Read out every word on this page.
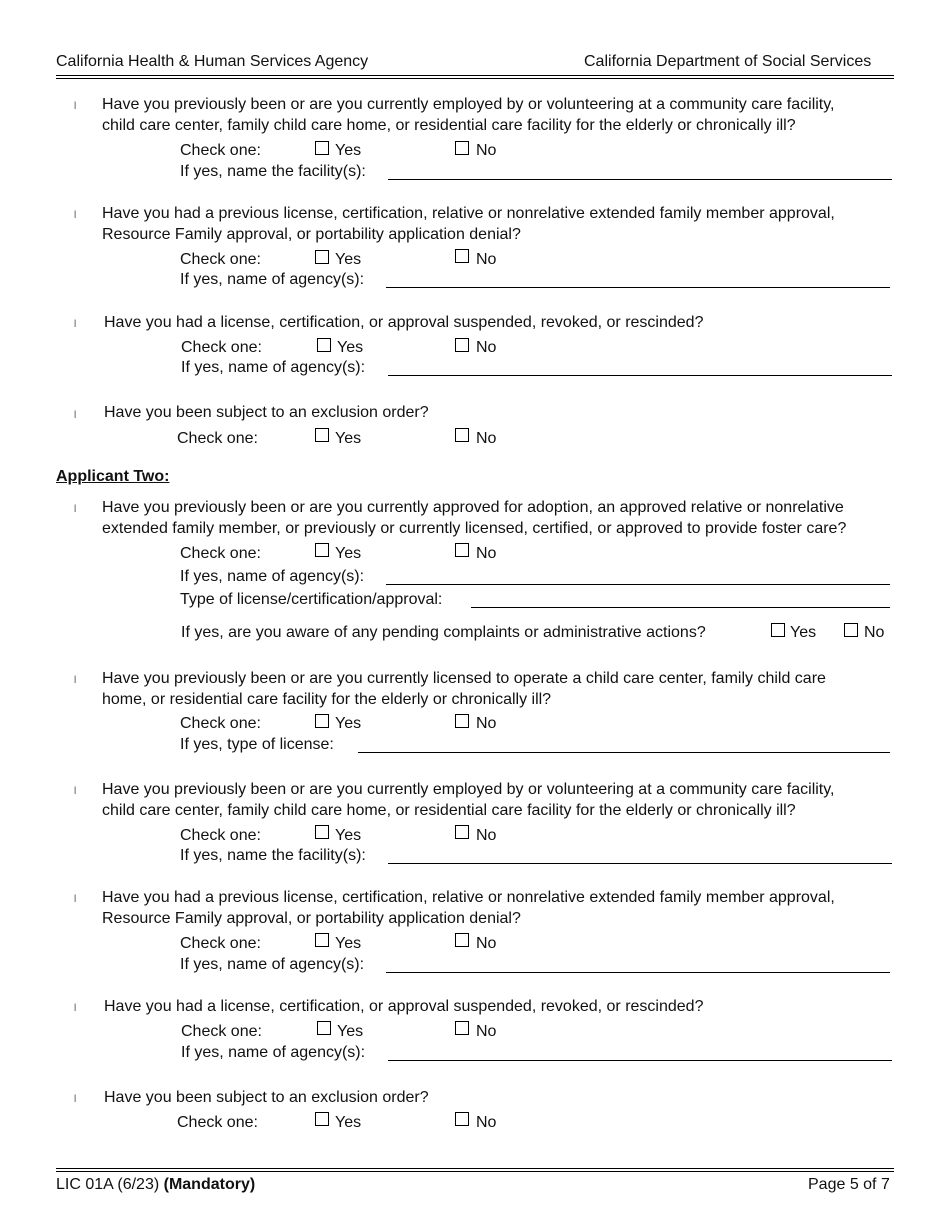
California Health & Human Services Agency	California Department of Social Services
l Have you previously been or are you currently employed by or volunteering at a community care facility,
child care center, family child care home, or residential care facility for the elderly or chronically ill?
Check one:	Yes	No
If yes, name the facility(s):
l Have you had a previous license, certification, relative or nonrelative extended family member approval,
Resource Family approval, or portability application denial?
Check one:	Yes	No
If yes, name of agency(s):
l Have you had a license, certification, or approval suspended, revoked, or rescinded?
Check one:	Yes	No
If yes, name of agency(s):
l Have you been subject to an exclusion order?
Check one:	Yes	No
Applicant Two:
l Have you previously been or are you currently approved for adoption, an approved relative or nonrelative
extended family member, or previously or currently licensed, certified, or approved to provide foster care?
Check one:	Yes	No
If yes, name of agency(s):
Type of license/certification/approval:
If yes, are you aware of any pending complaints or administrative actions?	Yes	No
l Have you previously been or are you currently licensed to operate a child care center, family child care
home, or residential care facility for the elderly or chronically ill?
Check one:	Yes	No
If yes, type of license:
l Have you previously been or are you currently employed by or volunteering at a community care facility,
child care center, family child care home, or residential care facility for the elderly or chronically ill?
Check one:	Yes	No
If yes, name the facility(s):
l Have you had a previous license, certification, relative or nonrelative extended family member approval,
Resource Family approval, or portability application denial?
Check one:	Yes	No
If yes, name of agency(s):
l Have you had a license, certification, or approval suspended, revoked, or rescinded?
Check one:	Yes	No
If yes, name of agency(s):
l Have you been subject to an exclusion order?
Check one:	Yes	No
LIC 01A (6/23) (Mandatory)	Page 5 of 7
